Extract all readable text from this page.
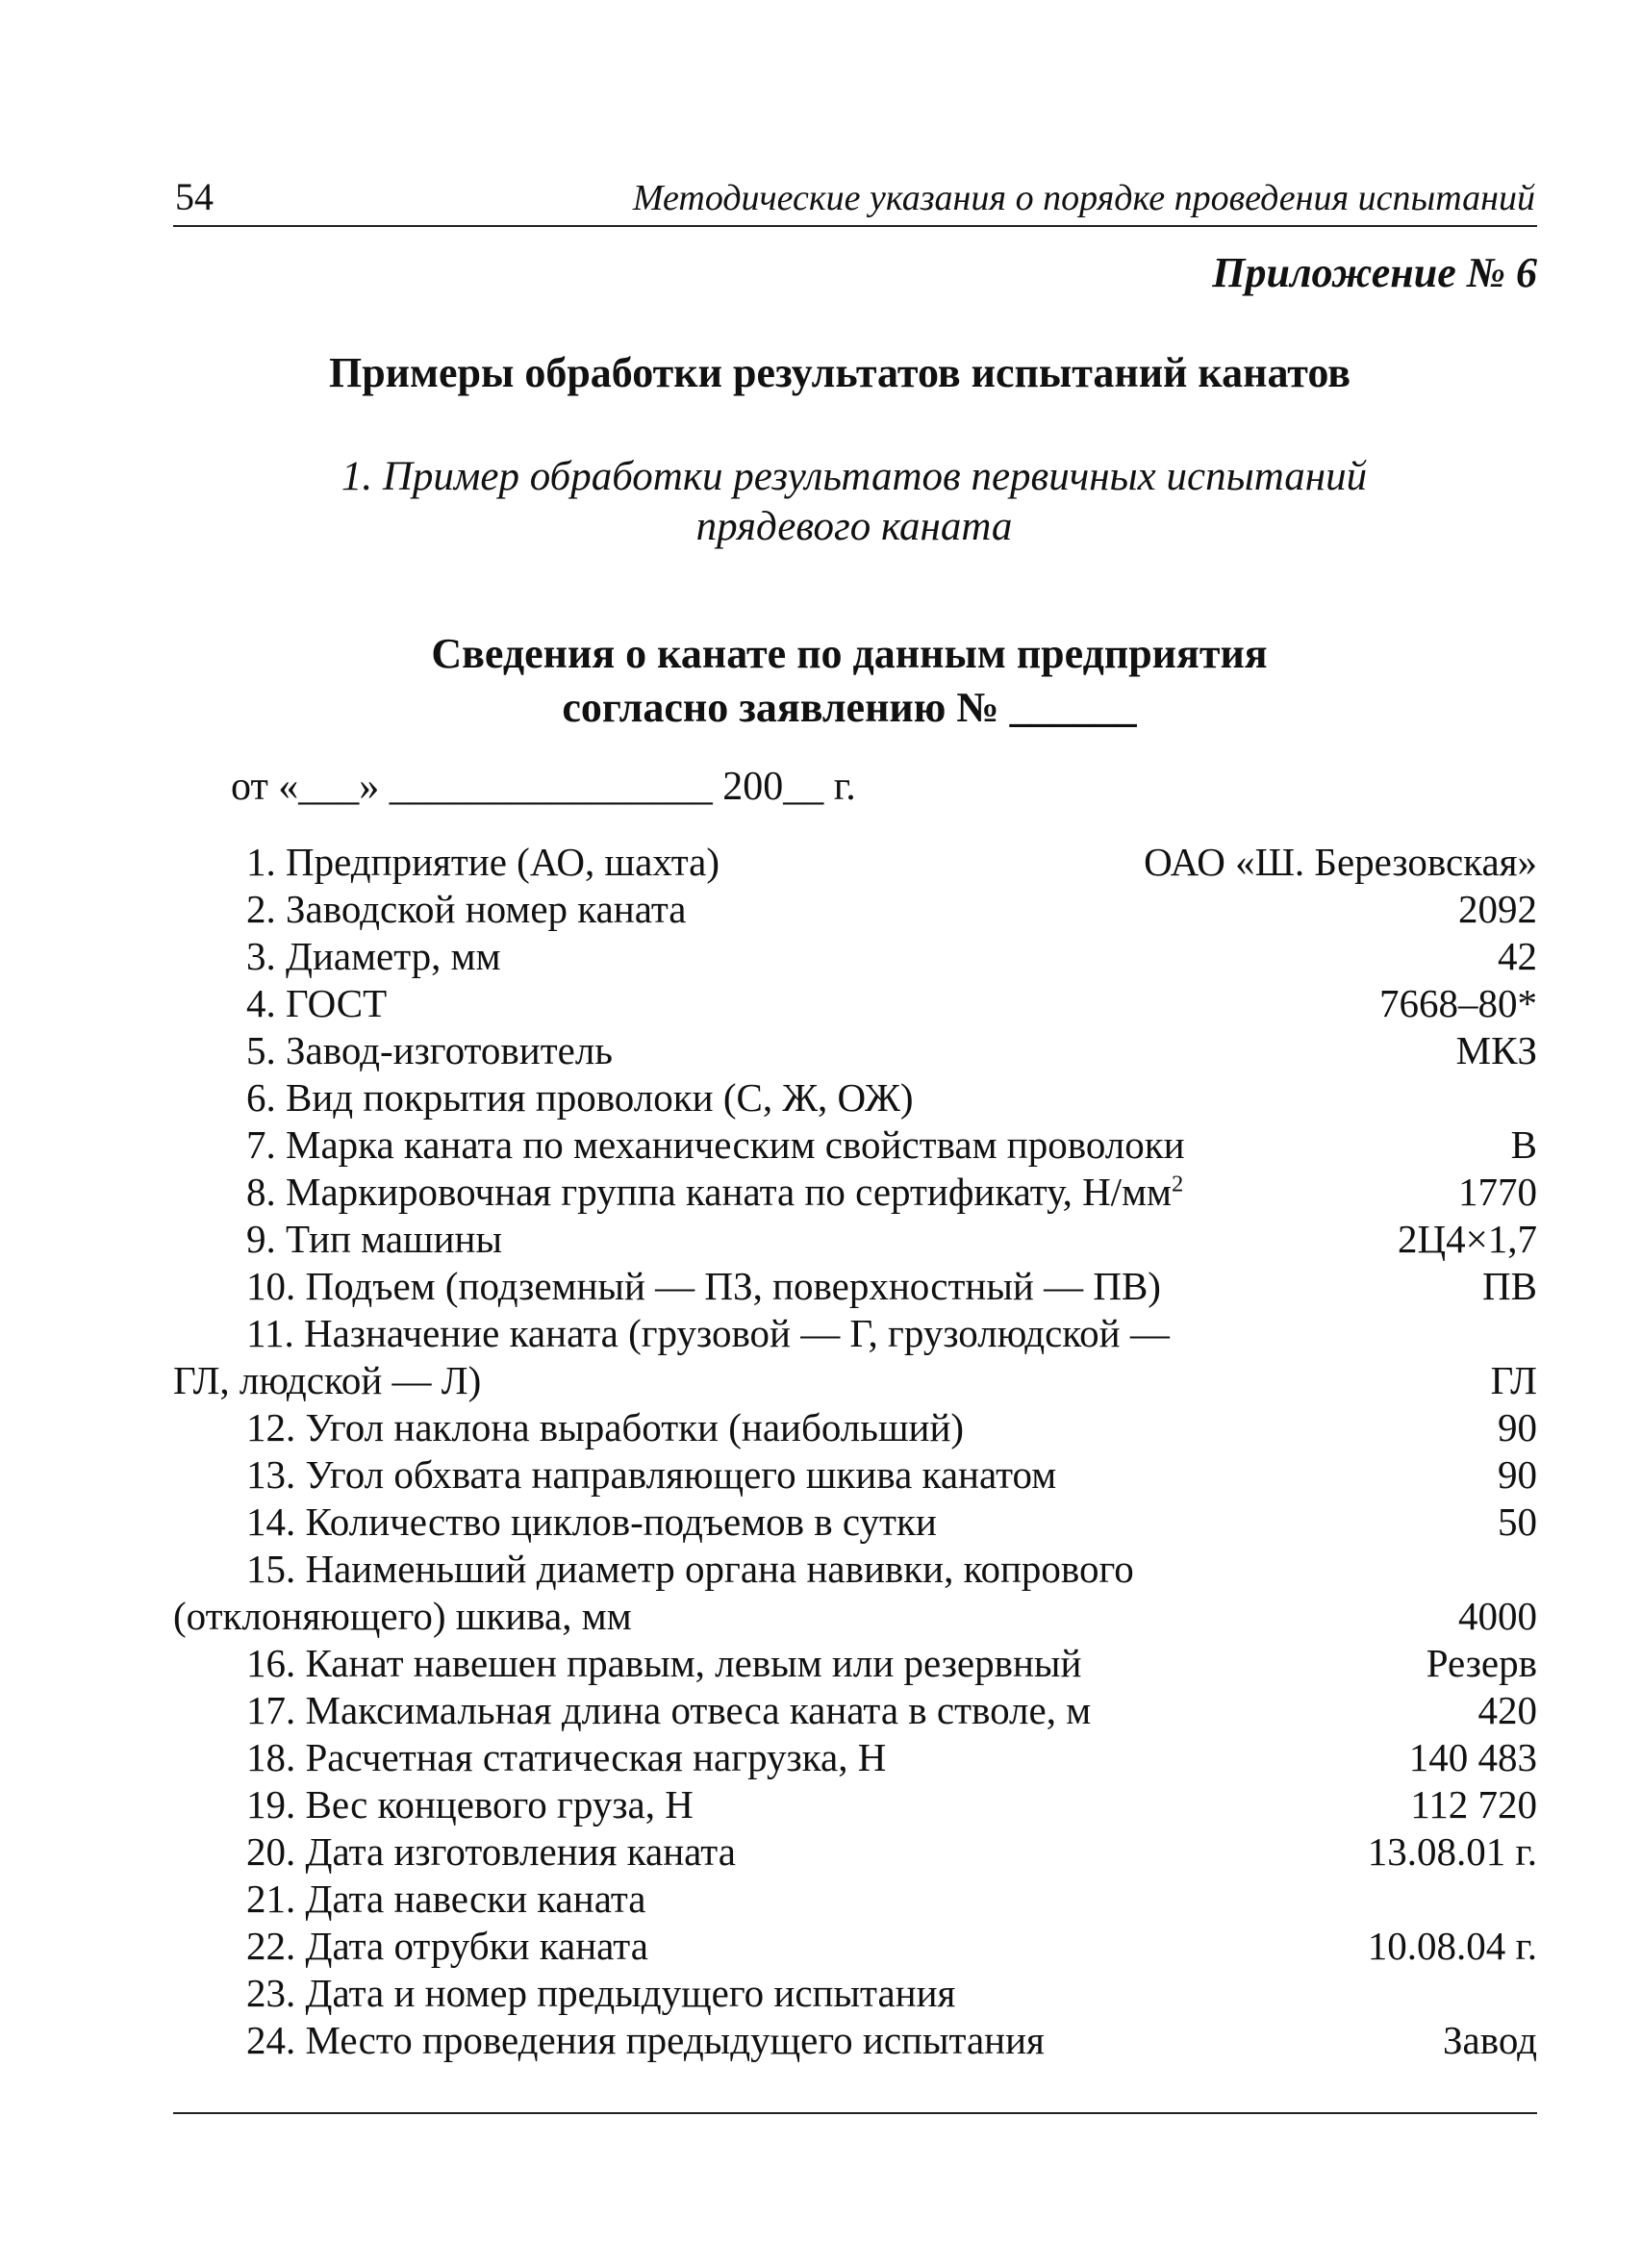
54	Методические указания о порядке проведения испытаний
Приложение № 6
Примеры обработки результатов испытаний канатов
1. Пример обработки результатов первичных испытаний
прядевого каната
Сведения о канате по данным предприятия
согласно заявлению № ______
от «___» ________________ 200__ г.
1. Предприятие (АО, шахта)	ОАО «Ш. Березовская»
2. Заводской номер каната	2092
3. Диаметр, мм	42
4. ГОСТ	7668–80*
5. Завод-изготовитель	МКЗ
6. Вид покрытия проволоки (С, Ж, ОЖ)
7. Марка каната по механическим свойствам проволоки	В
8. Маркировочная группа каната по сертификату, $Н/мм^2$	1770
9. Тип машины	2Ц4×1,7
10. Подъем (подземный — ПЗ, поверхностный — ПВ)	ПВ
11. Назначение каната (грузовой — Г, грузолюдской — ГЛ, людской — Л)	ГЛ
12. Угол наклона выработки (наибольший)	90
13. Угол обхвата направляющего шкива канатом	90
14. Количество циклов-подъемов в сутки	50
15. Наименьший диаметр органа навивки, копрового (отклоняющего) шкива, мм	4000
16. Канат навешен правым, левым или резервный	Резерв
17. Максимальная длина отвеса каната в стволе, м	420
18. Расчетная статическая нагрузка, Н	140 483
19. Вес концевого груза, Н	112 720
20. Дата изготовления каната	13.08.01 г.
21. Дата навески каната
22. Дата отрубки каната	10.08.04 г.
23. Дата и номер предыдущего испытания
24. Место проведения предыдущего испытания	Завод
